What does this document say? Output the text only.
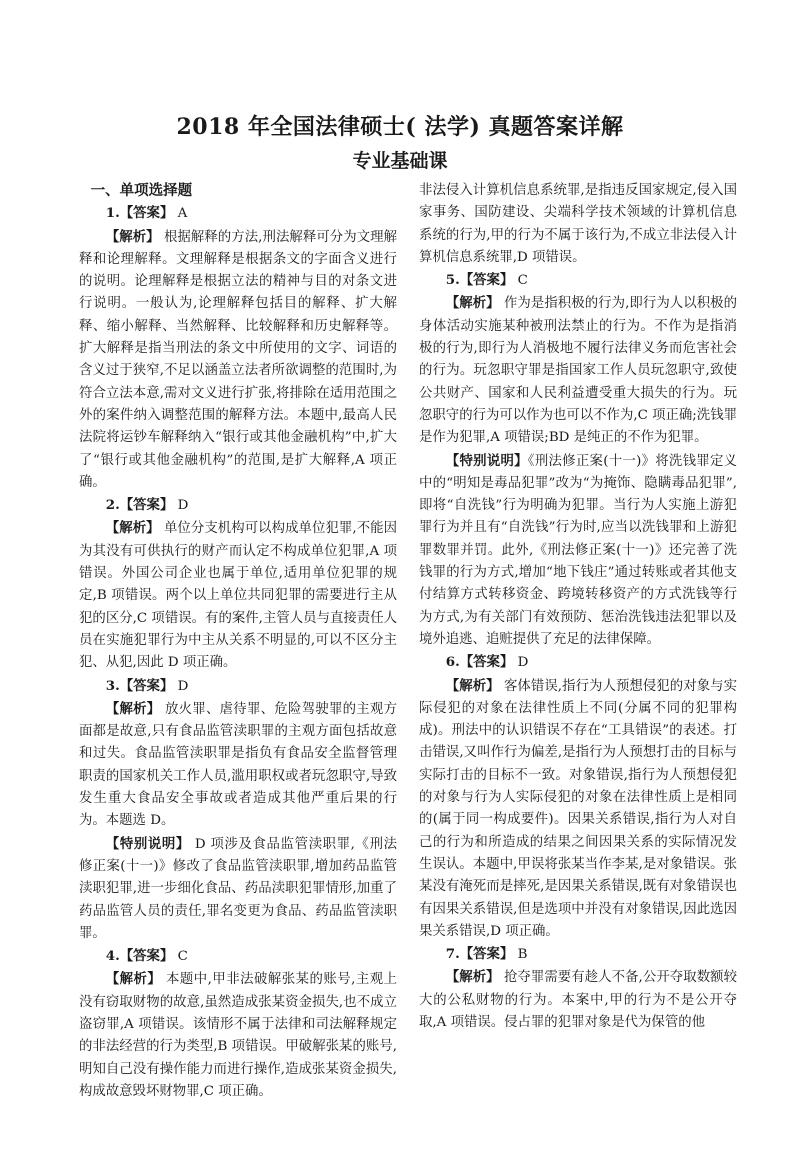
2018 年全国法律硕士( 法学) 真题答案详解
专业基础课

一、单项选择题

1.【答案】 A

【解析】 根据解释的方法,刑法解释可分为文理解释和论理解释。文理解释是根据条文的字面含义进行的说明。论理解释是根据立法的精神与目的对条文进行说明。一般认为,论理解释包括目的解释、扩大解释、缩小解释、当然解释、比较解释和历史解释等。扩大解释是指当刑法的条文中所使用的文字、词语的含义过于狭窄,不足以涵盖立法者所欲调整的范围时,为符合立法本意,需对文义进行扩张,将排除在适用范围之外的案件纳入调整范围的解释方法。本题中,最高人民法院将运钞车解释纳入“银行或其他金融机构”中,扩大了“银行或其他金融机构”的范围,是扩大解释,A 项正确。

2.【答案】 D

【解析】 单位分支机构可以构成单位犯罪,不能因为其没有可供执行的财产而认定不构成单位犯罪,A 项错误。外国公司企业也属于单位,适用单位犯罪的规定,B 项错误。两个以上单位共同犯罪的需要进行主从犯的区分,C 项错误。有的案件,主管人员与直接责任人员在实施犯罪行为中主从关系不明显的,可以不区分主犯、从犯,因此 D 项正确。

3.【答案】 D

【解析】 放火罪、虐待罪、危险驾驶罪的主观方面都是故意,只有食品监管渎职罪的主观方面包括故意和过失。食品监管渎职罪是指负有食品安全监督管理职责的国家机关工作人员,滥用职权或者玩忽职守,导致发生重大食品安全事故或者造成其他严重后果的行为。本题选 D。

【特别说明】 D 项涉及食品监管渎职罪,《刑法修正案(十一)》修改了食品监管渎职罪,增加药品监管渎职犯罪,进一步细化食品、药品渎职犯罪情形,加重了药品监管人员的责任,罪名变更为食品、药品监管渎职罪。

4.【答案】 C

【解析】 本题中,甲非法破解张某的账号,主观上没有窃取财物的故意,虽然造成张某资金损失,也不成立盗窃罪,A 项错误。该情形不属于法律和司法解释规定的非法经营的行为类型,B 项错误。甲破解张某的账号,明知自己没有操作能力而进行操作,造成张某资金损失,构成故意毁坏财物罪,C 项正确。

非法侵入计算机信息系统罪,是指违反国家规定,侵入国家事务、国防建设、尖端科学技术领域的计算机信息系统的行为,甲的行为不属于该行为,不成立非法侵入计算机信息系统罪,D 项错误。

5.【答案】 C

【解析】 作为是指积极的行为,即行为人以积极的身体活动实施某种被刑法禁止的行为。不作为是指消极的行为,即行为人消极地不履行法律义务而危害社会的行为。玩忽职守罪是指国家工作人员玩忽职守,致使公共财产、国家和人民利益遭受重大损失的行为。玩忽职守的行为可以作为也可以不作为,C 项正确;洗钱罪是作为犯罪,A 项错误;BD 是纯正的不作为犯罪。

【特别说明】《刑法修正案(十一)》将洗钱罪定义中的“明知是毒品犯罪”改为“为掩饰、隐瞒毒品犯罪”,即将“自洗钱”行为明确为犯罪。当行为人实施上游犯罪行为并且有“自洗钱”行为时,应当以洗钱罪和上游犯罪数罪并罚。此外,《刑法修正案(十一)》还完善了洗钱罪的行为方式,增加“地下钱庄”通过转账或者其他支付结算方式转移资金、跨境转移资产的方式洗钱等行为方式,为有关部门有效预防、惩治洗钱违法犯罪以及境外追逃、追赃提供了充足的法律保障。

6.【答案】 D

【解析】 客体错误,指行为人预想侵犯的对象与实际侵犯的对象在法律性质上不同(分属不同的犯罪构成)。刑法中的认识错误不存在“工具错误”的表述。打击错误,又叫作行为偏差,是指行为人预想打击的目标与实际打击的目标不一致。对象错误,指行为人预想侵犯的对象与行为人实际侵犯的对象在法律性质上是相同的(属于同一构成要件)。因果关系错误,指行为人对自己的行为和所造成的结果之间因果关系的实际情况发生误认。本题中,甲误将张某当作李某,是对象错误。张某没有淹死而是摔死,是因果关系错误,既有对象错误也有因果关系错误,但是选项中并没有对象错误,因此选因果关系错误,D 项正确。

7.【答案】 B

【解析】 抢夺罪需要有趁人不备,公开夺取数额较大的公私财物的行为。本案中,甲的行为不是公开夺取,A 项错误。侵占罪的犯罪对象是代为保管的他
